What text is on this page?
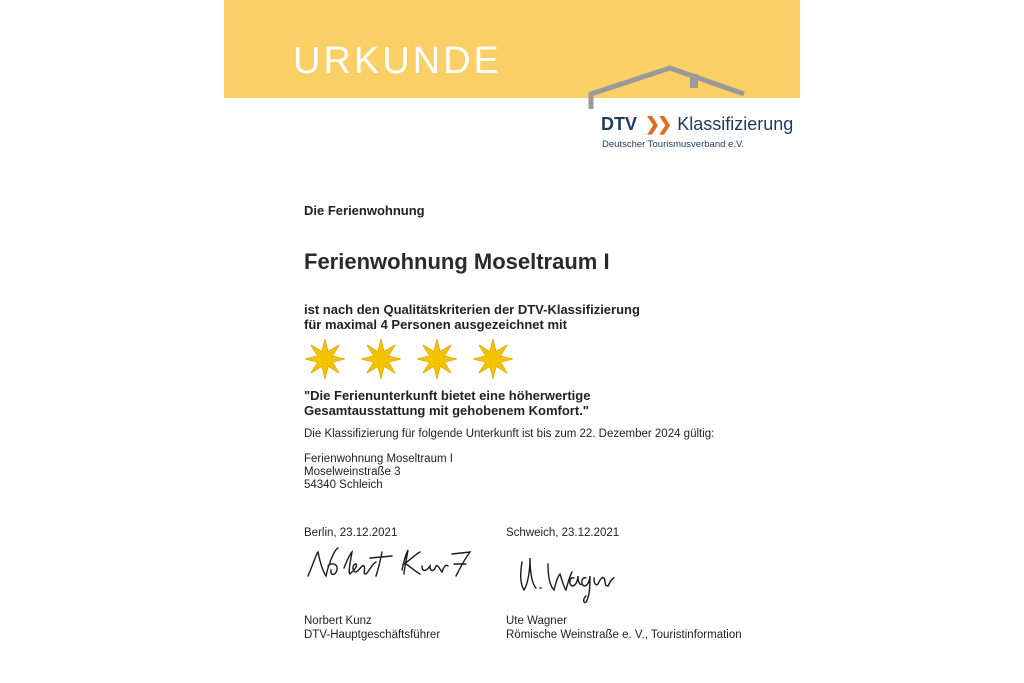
URKUNDE
DTV ❯❯ Klassifizierung
Deutscher Tourismusverband e.V.
Die Ferienwohnung
Ferienwohnung Moseltraum I
ist nach den Qualitätskriterien der DTV-Klassifizierung
für maximal 4 Personen ausgezeichnet mit
"Die Ferienunterkunft bietet eine höherwertige
Gesamtausstattung mit gehobenem Komfort."
Die Klassifizierung für folgende Unterkunft ist bis zum 22. Dezember 2024 gültig:
Ferienwohnung Moseltraum I
Moselweinstraße 3
54340 Schleich
Berlin, 23.12.2021	Schweich, 23.12.2021
Norbert Kunz
DTV-Hauptgeschäftsführer
Ute Wagner
Römische Weinstraße e. V., Touristinformation
